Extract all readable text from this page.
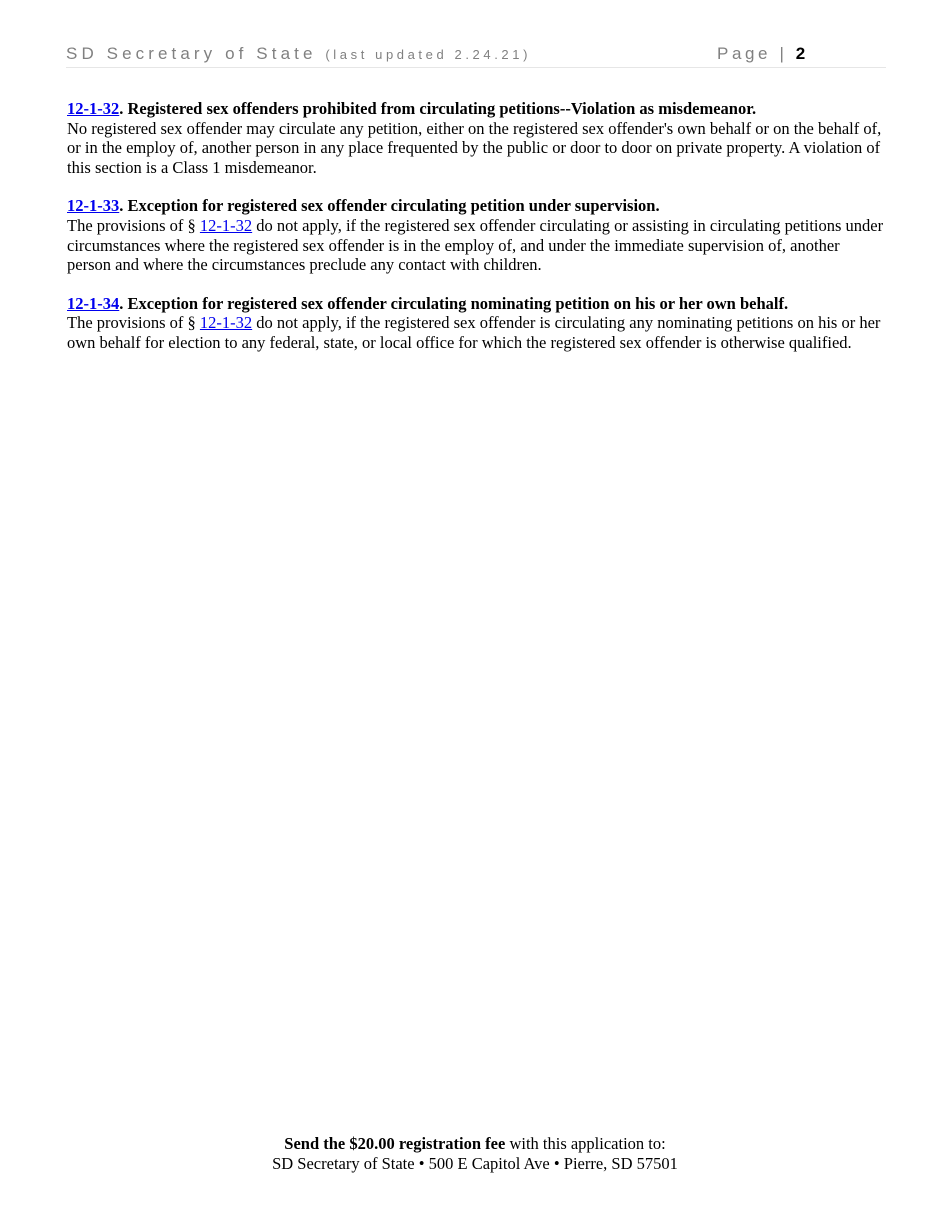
SD Secretary of State (last updated 2.24.21)	Page | 2

12-1-32. Registered sex offenders prohibited from circulating petitions--Violation as misdemeanor.

No registered sex offender may circulate any petition, either on the registered sex offender's own behalf or on the behalf of, or in the employ of, another person in any place frequented by the public or door to door on private property. A violation of this section is a Class 1 misdemeanor.

12-1-33. Exception for registered sex offender circulating petition under supervision.

The provisions of § 12-1-32 do not apply, if the registered sex offender circulating or assisting in circulating petitions under circumstances where the registered sex offender is in the employ of, and under the immediate supervision of, another person and where the circumstances preclude any contact with children.

12-1-34. Exception for registered sex offender circulating nominating petition on his or her own behalf.

The provisions of § 12-1-32 do not apply, if the registered sex offender is circulating any nominating petitions on his or her own behalf for election to any federal, state, or local office for which the registered sex offender is otherwise qualified.

Send the $20.00 registration fee with this application to:
SD Secretary of State • 500 E Capitol Ave • Pierre, SD 57501
